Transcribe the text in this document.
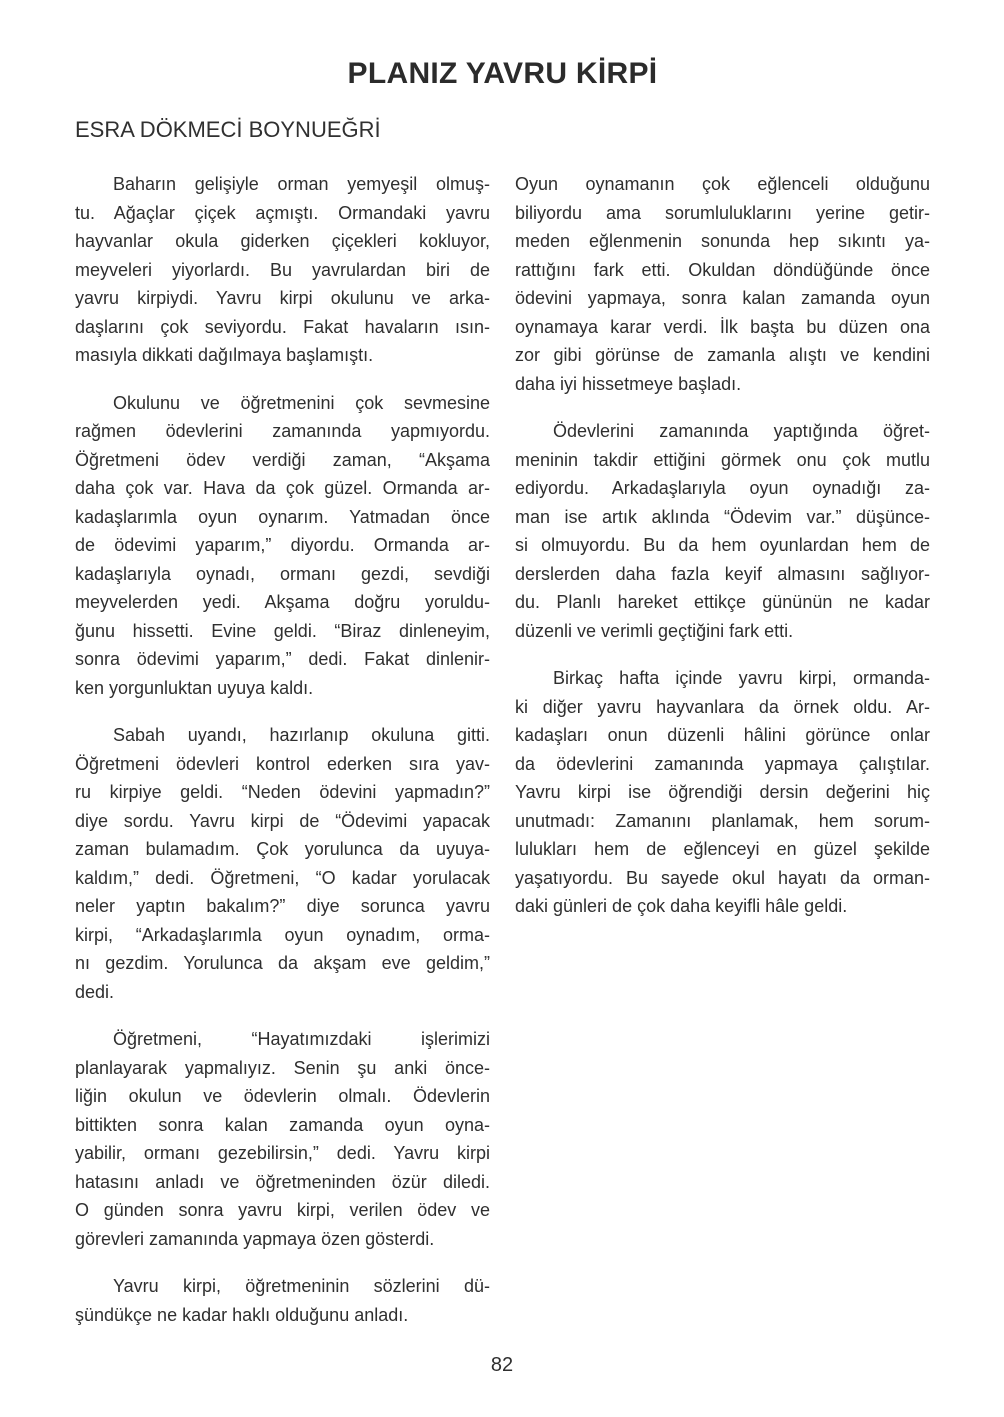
PLANIZ YAVRU KİRPİ
ESRA DÖKMECİ BOYNUEĞRİ
Baharın gelişiyle orman yemyeşil olmuş-
tu. Ağaçlar çiçek açmıştı. Ormandaki yavru
hayvanlar okula giderken çiçekleri kokluyor,
meyveleri yiyorlardı. Bu yavrulardan biri de
yavru kirpiydi. Yavru kirpi okulunu ve arka-
daşlarını çok seviyordu. Fakat havaların ısın-
masıyla dikkati dağılmaya başlamıştı.
Okulunu ve öğretmenini çok sevmesine
rağmen ödevlerini zamanında yapmıyordu.
Öğretmeni ödev verdiği zaman, “Akşama
daha çok var. Hava da çok güzel. Ormanda ar-
kadaşlarımla oyun oynarım. Yatmadan önce
de ödevimi yaparım,” diyordu. Ormanda ar-
kadaşlarıyla oynadı, ormanı gezdi, sevdiği
meyvelerden yedi. Akşama doğru yoruldu-
ğunu hissetti. Evine geldi. “Biraz dinleneyim,
sonra ödevimi yaparım,” dedi. Fakat dinlenir-
ken yorgunluktan uyuya kaldı.
Sabah uyandı, hazırlanıp okuluna gitti.
Öğretmeni ödevleri kontrol ederken sıra yav-
ru kirpiye geldi. “Neden ödevini yapmadın?”
diye sordu. Yavru kirpi de “Ödevimi yapacak
zaman bulamadım. Çok yorulunca da uyuya-
kaldım,” dedi. Öğretmeni, “O kadar yorulacak
neler yaptın bakalım?” diye sorunca yavru
kirpi, “Arkadaşlarımla oyun oynadım, orma-
nı gezdim. Yorulunca da akşam eve geldim,”
dedi.
Öğretmeni, “Hayatımızdaki işlerimizi
planlayarak yapmalıyız. Senin şu anki önce-
liğin okulun ve ödevlerin olmalı. Ödevlerin
bittikten sonra kalan zamanda oyun oyna-
yabilir, ormanı gezebilirsin,” dedi. Yavru kirpi
hatasını anladı ve öğretmeninden özür diledi.
O günden sonra yavru kirpi, verilen ödev ve
görevleri zamanında yapmaya özen gösterdi.
Yavru kirpi, öğretmeninin sözlerini dü-
şündükçe ne kadar haklı olduğunu anladı.
Oyun oynamanın çok eğlenceli olduğunu
biliyordu ama sorumluluklarını yerine getir-
meden eğlenmenin sonunda hep sıkıntı ya-
rattığını fark etti. Okuldan döndüğünde önce
ödevini yapmaya, sonra kalan zamanda oyun
oynamaya karar verdi. İlk başta bu düzen ona
zor gibi görünse de zamanla alıştı ve kendini
daha iyi hissetmeye başladı.
Ödevlerini zamanında yaptığında öğret-
meninin takdir ettiğini görmek onu çok mutlu
ediyordu. Arkadaşlarıyla oyun oynadığı za-
man ise artık aklında “Ödevim var.” düşünce-
si olmuyordu. Bu da hem oyunlardan hem de
derslerden daha fazla keyif almasını sağlıyor-
du. Planlı hareket ettikçe gününün ne kadar
düzenli ve verimli geçtiğini fark etti.
Birkaç hafta içinde yavru kirpi, ormanda-
ki diğer yavru hayvanlara da örnek oldu. Ar-
kadaşları onun düzenli hâlini görünce onlar
da ödevlerini zamanında yapmaya çalıştılar.
Yavru kirpi ise öğrendiği dersin değerini hiç
unutmadı: Zamanını planlamak, hem sorum-
lulukları hem de eğlenceyi en güzel şekilde
yaşatıyordu. Bu sayede okul hayatı da orman-
daki günleri de çok daha keyifli hâle geldi.
82
